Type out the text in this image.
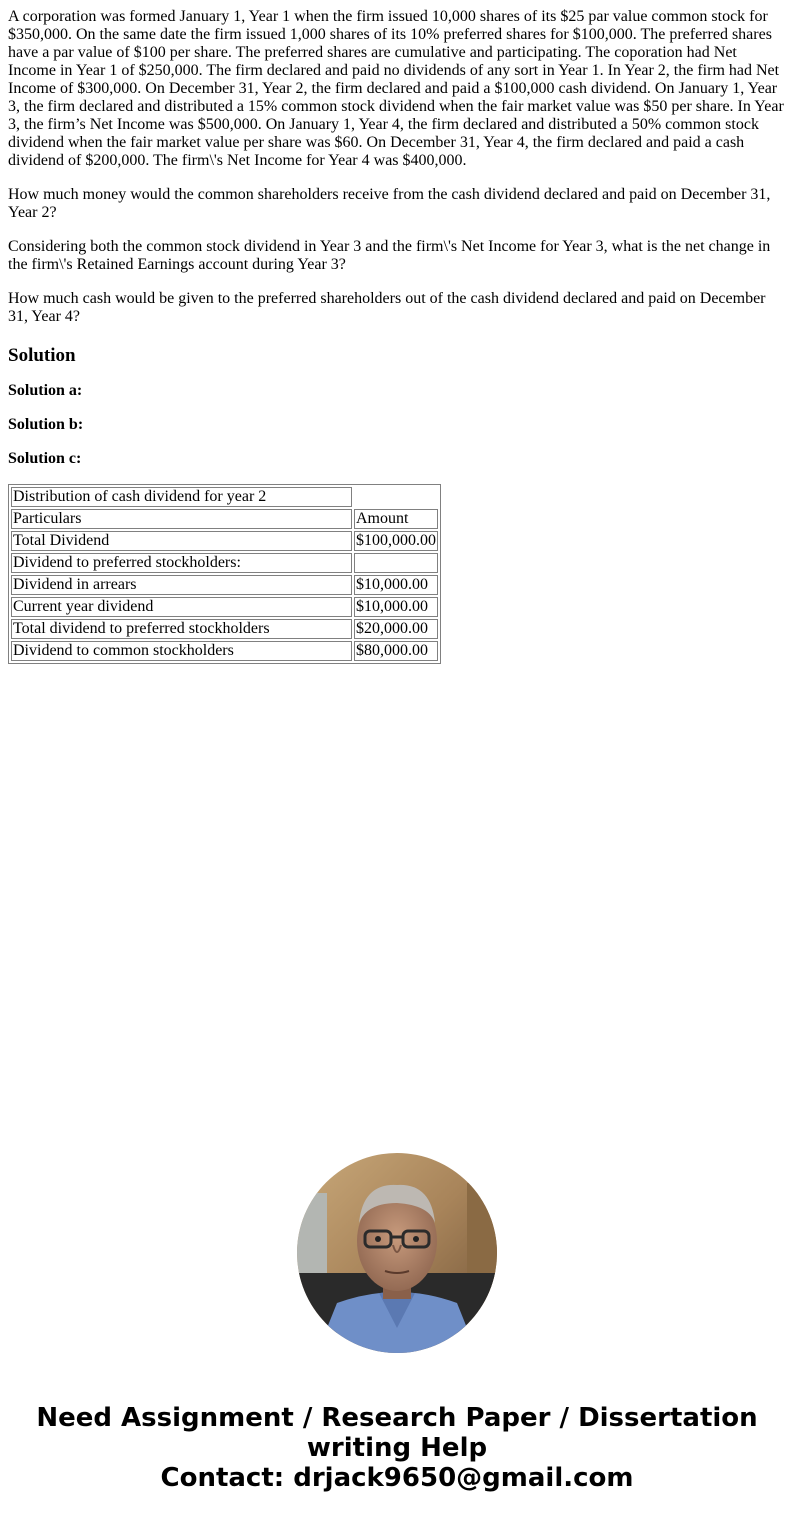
A corporation was formed January 1, Year 1 when the firm issued 10,000 shares of its $25 par value common stock for $350,000. On the same date the firm issued 1,000 shares of its 10% preferred shares for $100,000. The preferred shares have a par value of $100 per share. The preferred shares are cumulative and participating. The coporation had Net Income in Year 1 of $250,000. The firm declared and paid no dividends of any sort in Year 1. In Year 2, the firm had Net Income of $300,000. On December 31, Year 2, the firm declared and paid a $100,000 cash dividend. On January 1, Year 3, the firm declared and distributed a 15% common stock dividend when the fair market value was $50 per share. In Year 3, the firm’s Net Income was $500,000. On January 1, Year 4, the firm declared and distributed a 50% common stock dividend when the fair market value per share was $60. On December 31, Year 4, the firm declared and paid a cash dividend of $200,000. The firm\'s Net Income for Year 4 was $400,000.

How much money would the common shareholders receive from the cash dividend declared and paid on December 31, Year 2?

Considering both the common stock dividend in Year 3 and the firm\'s Net Income for Year 3, what is the net change in the firm\'s Retained Earnings account during Year 3?

How much cash would be given to the preferred shareholders out of the cash dividend declared and paid on December 31, Year 4?

Solution
Solution a:
Solution b:
Solution c:
Distribution of cash dividend for year 2	
Particulars	Amount
Total Dividend	$100,000.00
Dividend to preferred stockholders:	
Dividend in arrears	$10,000.00
Current year dividend	$10,000.00
Total dividend to preferred stockholders	$20,000.00
Dividend to common stockholders	$80,000.00
Need Assignment / Research Paper / Dissertation
writing Help
Contact: drjack9650@gmail.com
